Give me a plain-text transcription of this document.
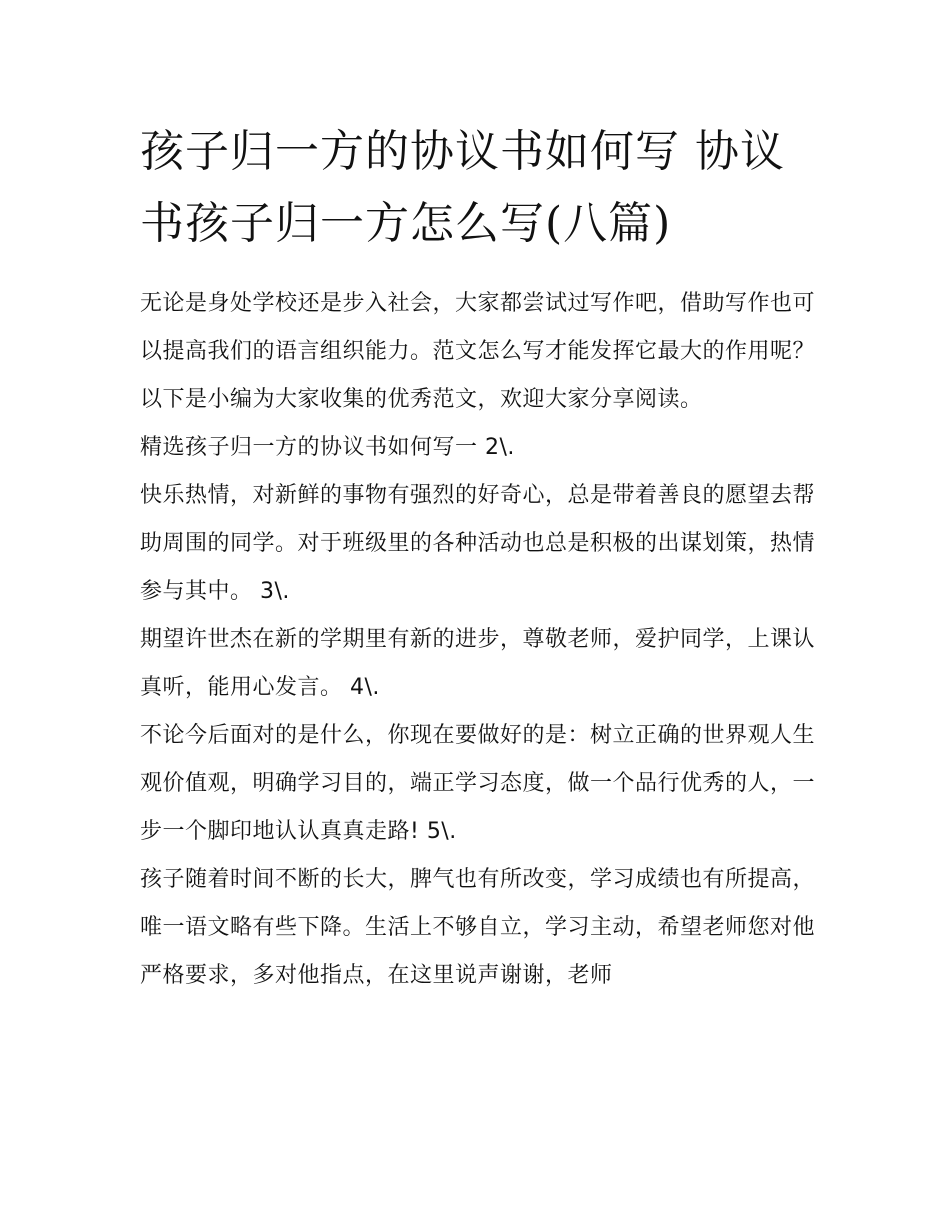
孩子归一方的协议书如何写 协议书孩子归一方怎么写(八篇)

无论是身处学校还是步入社会，大家都尝试过写作吧，借助写作也可以提高我们的语言组织能力。范文怎么写才能发挥它最大的作用呢？以下是小编为大家收集的优秀范文，欢迎大家分享阅读。

精选孩子归一方的协议书如何写一 2\.

快乐热情，对新鲜的事物有强烈的好奇心，总是带着善良的愿望去帮助周围的同学。对于班级里的各种活动也总是积极的出谋划策，热情参与其中。 3\.

期望许世杰在新的学期里有新的进步，尊敬老师，爱护同学，上课认真听，能用心发言。 4\.

不论今后面对的是什么，你现在要做好的是：树立正确的世界观人生观价值观，明确学习目的，端正学习态度，做一个品行优秀的人，一步一个脚印地认认真真走路! 5\.

孩子随着时间不断的长大，脾气也有所改变，学习成绩也有所提高，唯一语文略有些下降。生活上不够自立，学习主动，希望老师您对他严格要求，多对他指点，在这里说声谢谢，老师
